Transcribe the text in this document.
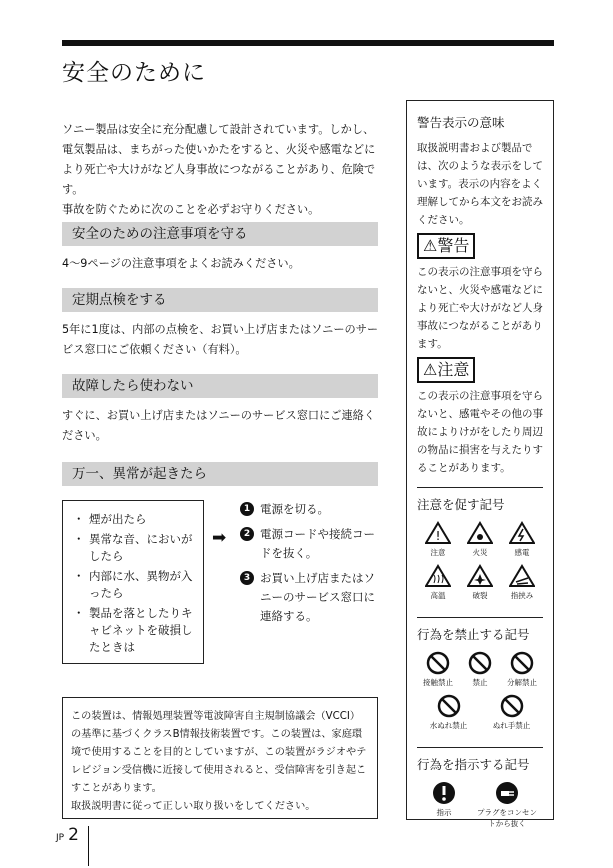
安全のために

ソニー製品は安全に充分配慮して設計されています。しかし、電気製品は、まちがった使いかたをすると、火災や感電などにより死亡や大けがなど人身事故につながることがあり、危険です。

事故を防ぐために次のことを必ずお守りください。

安全のための注意事項を守る
4～9ページの注意事項をよくお読みください。
定期点検をする
5年に1度は、内部の点検を、お買い上げ店またはソニーのサービス窓口にご依頼ください（有料）。
故障したら使わない
すぐに、お買い上げ店またはソニーのサービス窓口にご連絡ください。
万一、異常が起きたら
・ 煙が出たら
・ 異常な音、においがしたら
・ 内部に水、異物が入ったら
・ 製品を落としたりキャビネットを破損したときは
➡
1 電源を切る。
2 電源コードや接続コードを抜く。
3 お買い上げ店またはソニーのサービス窓口に連絡する。
この装置は、情報処理装置等電波障害自主規制協議会（VCCI）の基準に基づくクラスB情報技術装置です。この装置は、家庭環境で使用することを目的としていますが、この装置がラジオやテレビジョン受信機に近接して使用されると、受信障害を引き起こすことがあります。
取扱説明書に従って正しい取り扱いをしてください。
警告表示の意味
取扱説明書および製品では、次のような表示をしています。表示の内容をよく理解してから本文をお読みください。
⚠警告
この表示の注意事項を守らないと、火災や感電などにより死亡や大けがなど人身事故につながることがあります。
⚠注意
この表示の注意事項を守らないと、感電やその他の事故によりけがをしたり周辺の物品に損害を与えたりすることがあります。
注意を促す記号
!
注意	火災	感電
高温	破裂	指挟み
行為を禁止する記号
接触禁止	禁止	分解禁止
水ぬれ禁止	ぬれ手禁止
行為を指示する記号
指示	プラグをコンセントから抜く
JP 2
